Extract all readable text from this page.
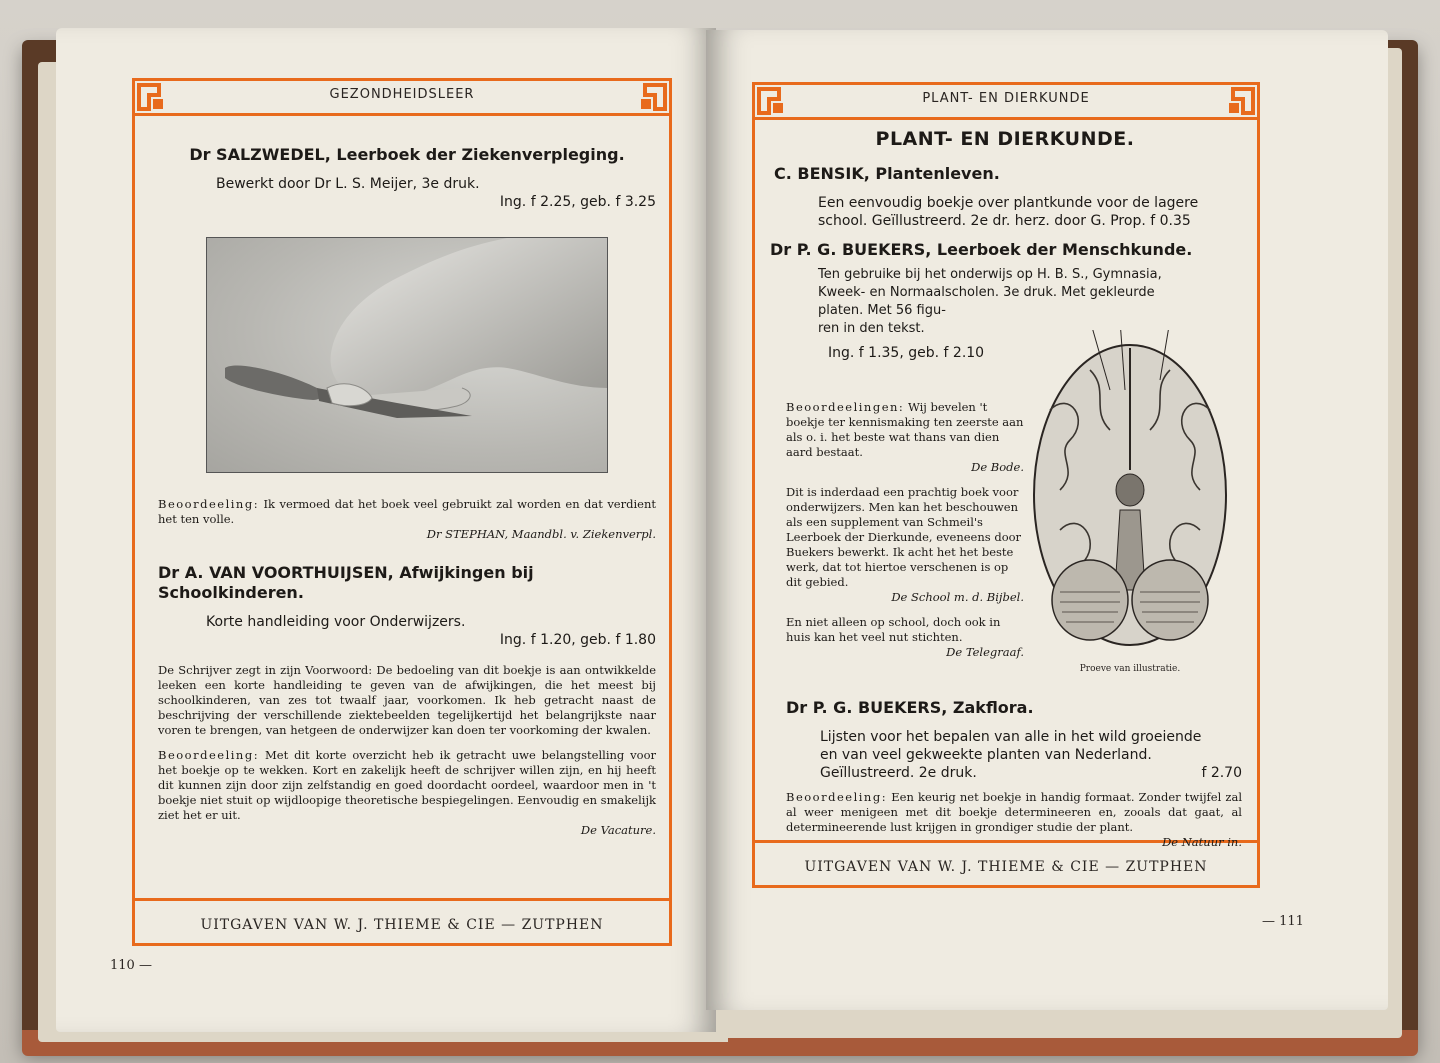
GEZONDHEIDSLEER
UITGAVEN VAN W. J. THIEME & CIE — ZUTPHEN
110 —
Dr SALZWEDEL, Leerboek der Ziekenverpleging.
Bewerkt door Dr L. S. Meijer, 3e druk.
Ing. f 2.25, geb. f 3.25
Beoordeeling: Ik vermoed dat het boek veel gebruikt zal worden en dat verdient het ten volle.
Dr STEPHAN, Maandbl. v. Ziekenverpl.
Dr A. VAN VOORTHUIJSEN, Afwijkingen bij Schoolkinderen.
Korte handleiding voor Onderwijzers.
Ing. f 1.20, geb. f 1.80
De Schrijver zegt in zijn Voorwoord: De bedoeling van dit boekje is aan ontwikkelde leeken een korte handleiding te geven van de afwijkingen, die het meest bij schoolkinderen, van zes tot twaalf jaar, voorkomen. Ik heb getracht naast de beschrijving der verschillende ziektebeelden tegelijkertijd het belangrijkste naar voren te brengen, van hetgeen de onderwijzer kan doen ter voorkoming der kwalen.
Beoordeeling: Met dit korte overzicht heb ik getracht uwe belangstelling voor het boekje op te wekken. Kort en zakelijk heeft de schrijver willen zijn, en hij heeft dit kunnen zijn door zijn zelfstandig en goed doordacht oordeel, waardoor men in 't boekje niet stuit op wijdloopige theoretische bespiegelingen. Eenvoudig en smakelijk ziet het er uit.
De Vacature.
PLANT- EN DIERKUNDE
UITGAVEN VAN W. J. THIEME & CIE — ZUTPHEN
— 111
PLANT- EN DIERKUNDE.
C. BENSIK, Plantenleven.
Een eenvoudig boekje over plantkunde voor de lagere school. Geïllustreerd. 2e dr. herz. door G. Prop. f 0.35
Dr P. G. BUEKERS, Leerboek der Menschkunde.
Ten gebruike bij het onderwijs op H. B. S., Gymnasia,
Kweek- en Normaalscholen. 3e druk. Met gekleurde
platen. Met 56 figu-
ren in den tekst.
Ing. f 1.35, geb. f 2.10
Beoordeelingen: Wij bevelen 't boekje ter kennismaking ten zeerste aan als o. i. het beste wat thans van dien aard bestaat.
De Bode.
Dit is inderdaad een prachtig boek voor onderwijzers. Men kan het beschouwen als een supplement van Schmeil's Leerboek der Dierkunde, eveneens door Buekers bewerkt. Ik acht het het beste werk, dat tot hiertoe verschenen is op dit gebied.
De School m. d. Bijbel.
En niet alleen op school, doch ook in huis kan het veel nut stichten.
De Telegraaf.
Proeve van illustratie.
Dr P. G. BUEKERS, Zakflora.
Lijsten voor het bepalen van alle in het wild groeiende
en van veel gekweekte planten van Nederland.
Geïllustreerd. 2e druk.	f 2.70
Beoordeeling: Een keurig net boekje in handig formaat. Zonder twijfel zal al weer menigeen met dit boekje determineeren en, zooals dat gaat, al determineerende lust krijgen in grondiger studie der plant.
De Natuur in.
